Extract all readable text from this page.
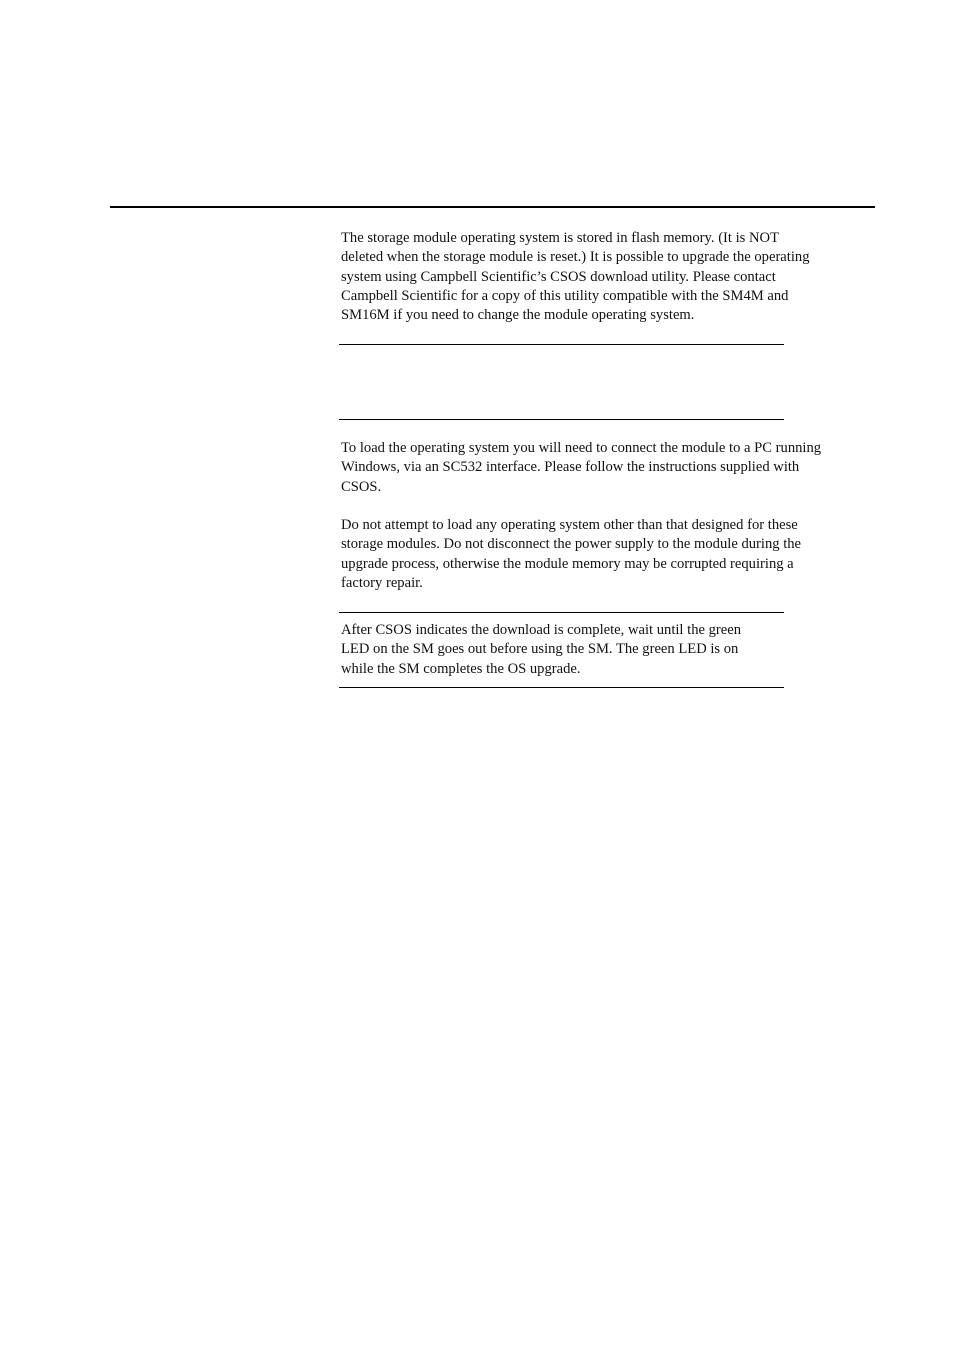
The storage module operating system is stored in flash memory. (It is NOT
deleted when the storage module is reset.) It is possible to upgrade the operating
system using Campbell Scientific’s CSOS download utility. Please contact
Campbell Scientific for a copy of this utility compatible with the SM4M and
SM16M if you need to change the module operating system.

To load the operating system you will need to connect the module to a PC running
Windows, via an SC532 interface. Please follow the instructions supplied with
CSOS.

Do not attempt to load any operating system other than that designed for these
storage modules. Do not disconnect the power supply to the module during the
upgrade process, otherwise the module memory may be corrupted requiring a
factory repair.

After CSOS indicates the download is complete, wait until the green
LED on the SM goes out before using the SM. The green LED is on
while the SM completes the OS upgrade.
